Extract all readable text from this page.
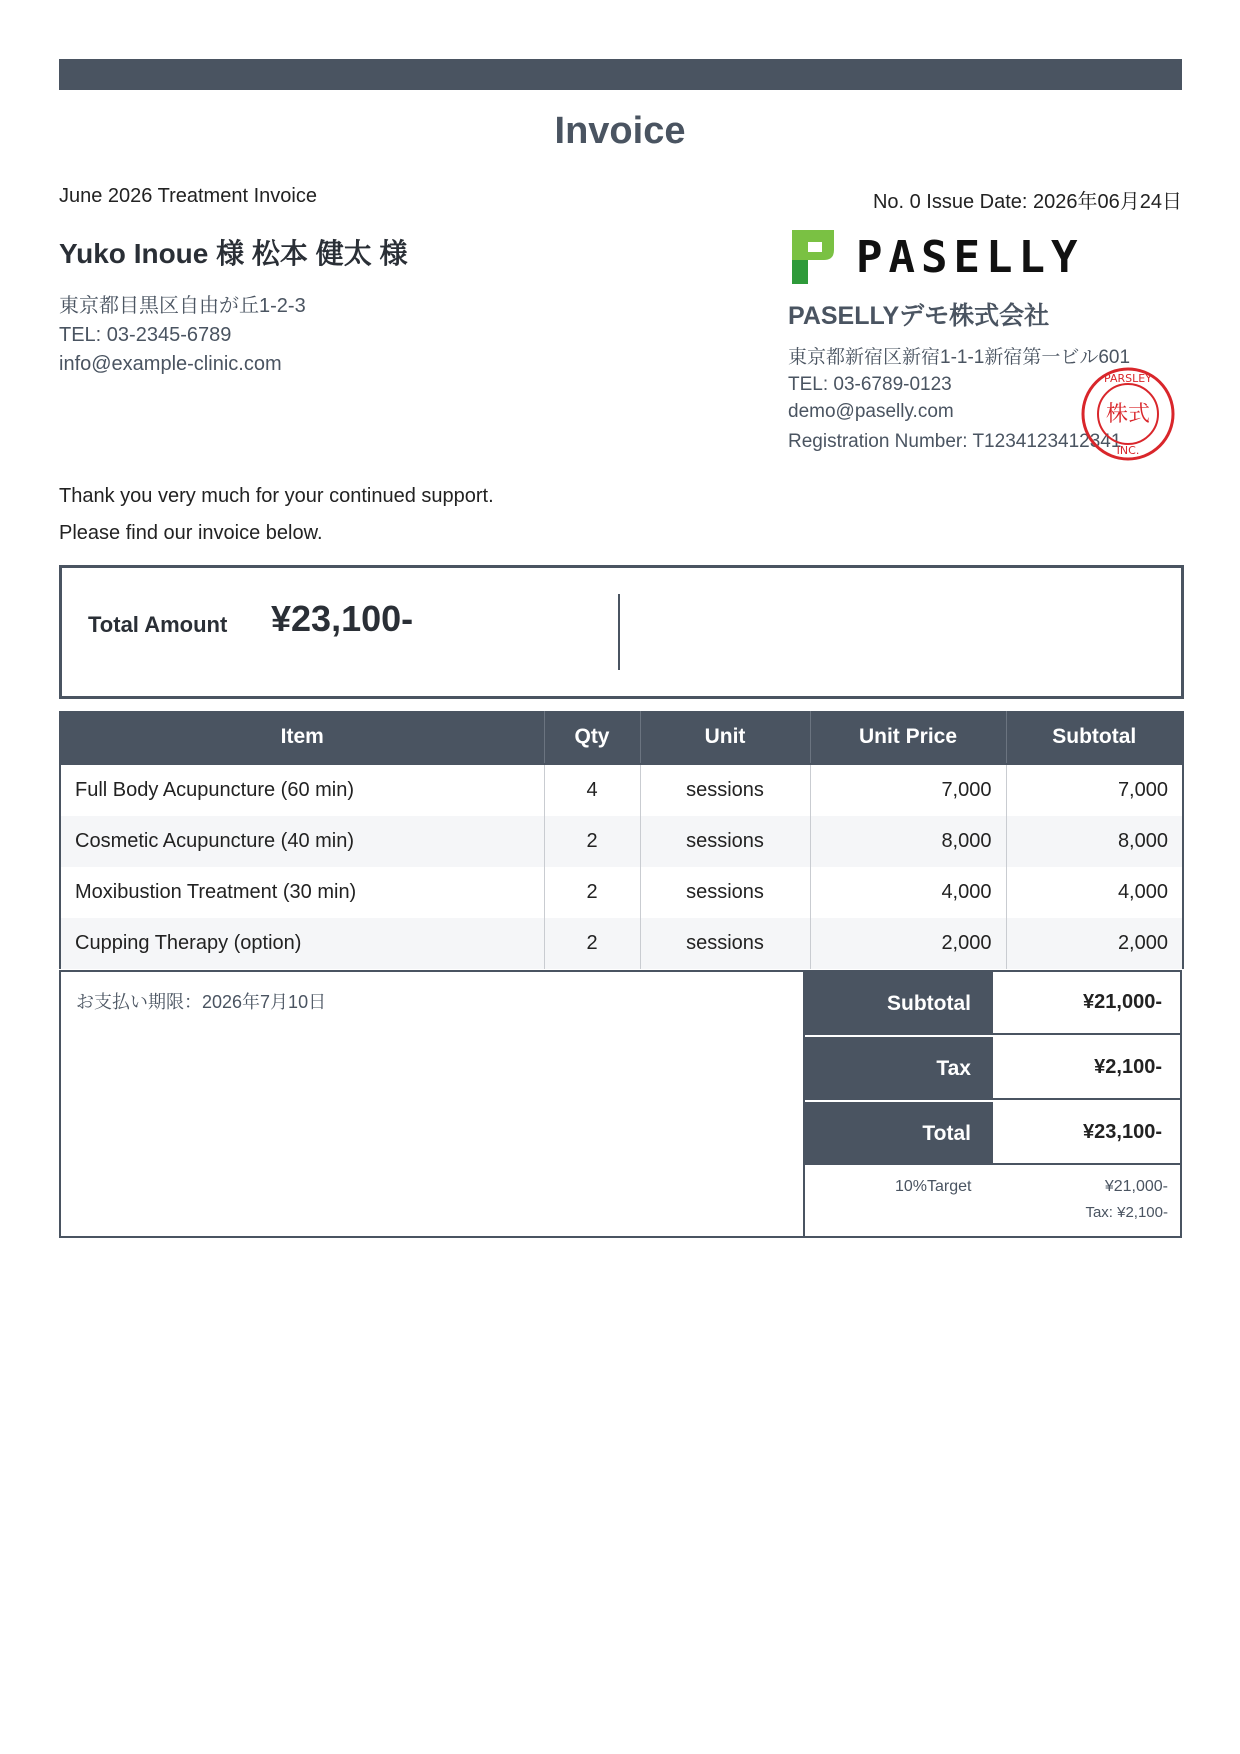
Invoice
June 2026 Treatment Invoice	No. 0 Issue Date: 2026年06月24日
Yuko Inoue 様 松本 健太 様
東京都目黒区自由が丘1-2-3
TEL: 03-2345-6789
info@example-clinic.com
PASELLY
PASELLYデモ株式会社
東京都新宿区新宿1-1-1新宿第一ビル601
TEL: 03-6789-0123
demo@paselly.com
Registration Number: T1234123412341
PARSLEY
株式
INC.
Thank you very much for your continued support.
Please find our invoice below.
Total Amount ¥23,100-
Item	Qty	Unit	Unit Price	Subtotal
Full Body Acupuncture (60 min)	4	sessions	7,000	7,000
Cosmetic Acupuncture (40 min)	2	sessions	8,000	8,000
Moxibustion Treatment (30 min)	2	sessions	4,000	4,000
Cupping Therapy (option)	2	sessions	2,000	2,000
お支払い期限：2026年7月10日	Subtotal	¥21,000-
Tax	¥2,100-
Total	¥23,100-
10%Target	¥21,000-
Tax: ¥2,100-
